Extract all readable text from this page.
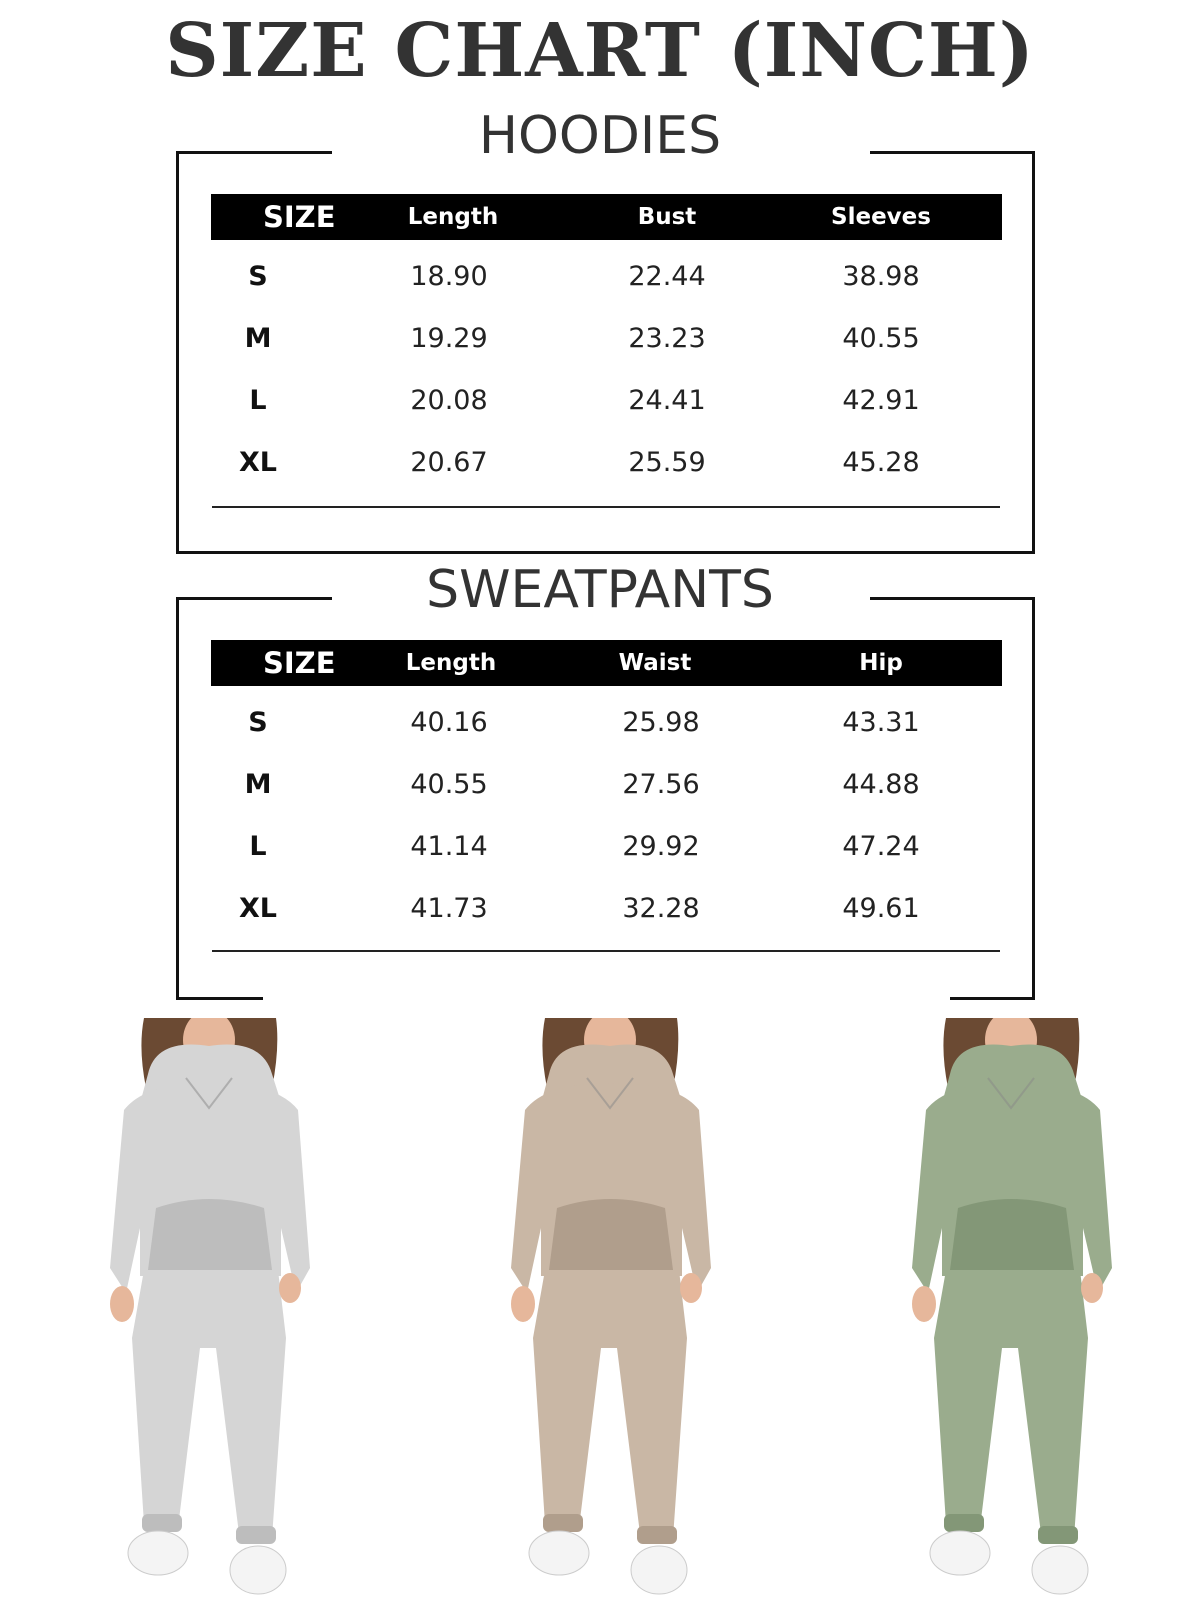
SIZE CHART (INCH)
HOODIES
SIZE	Length	Bust	Sleeves
S	18.90	22.44	38.98
M	19.29	23.23	40.55
L	20.08	24.41	42.91
XL	20.67	25.59	45.28
SWEATPANTS
SIZE	Length	Waist	Hip
S	40.16	25.98	43.31
M	40.55	27.56	44.88
L	41.14	29.92	47.24
XL	41.73	32.28	49.61
